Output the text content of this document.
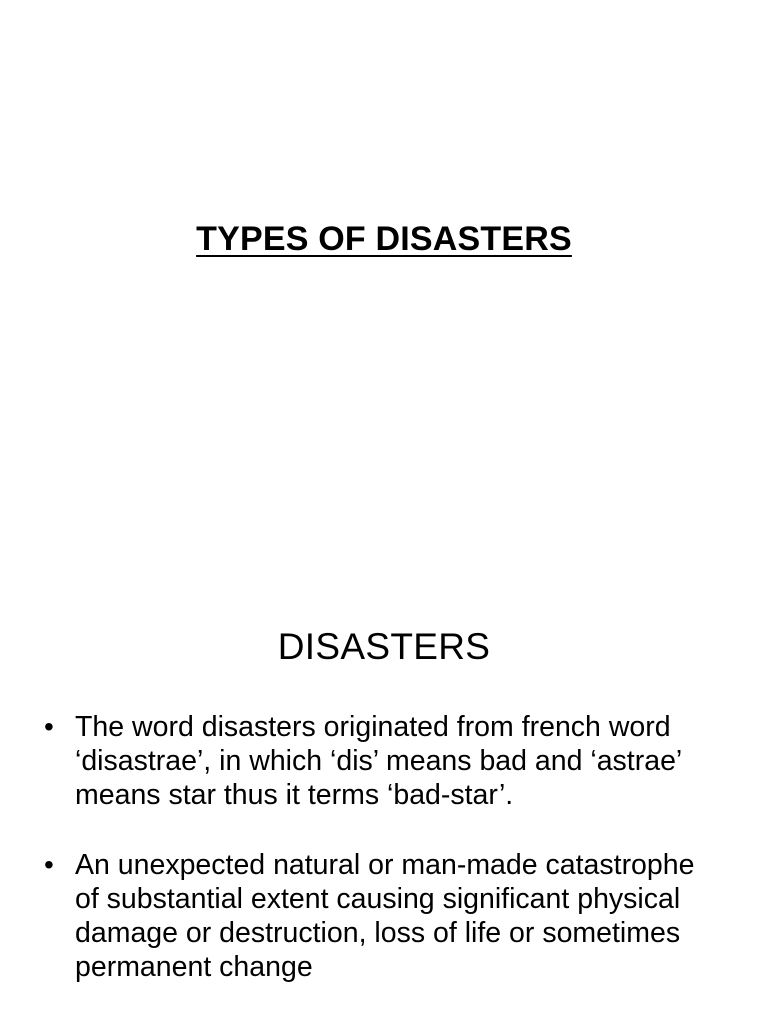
TYPES OF DISASTERS
DISASTERS
• The word disasters originated from french word ‘disastrae’, in which ‘dis’ means bad and ‘astrae’ means star thus it terms ‘bad-star’.
• An unexpected natural or man-made catastrophe of substantial extent causing significant physical damage or destruction, loss of life or sometimes permanent change
